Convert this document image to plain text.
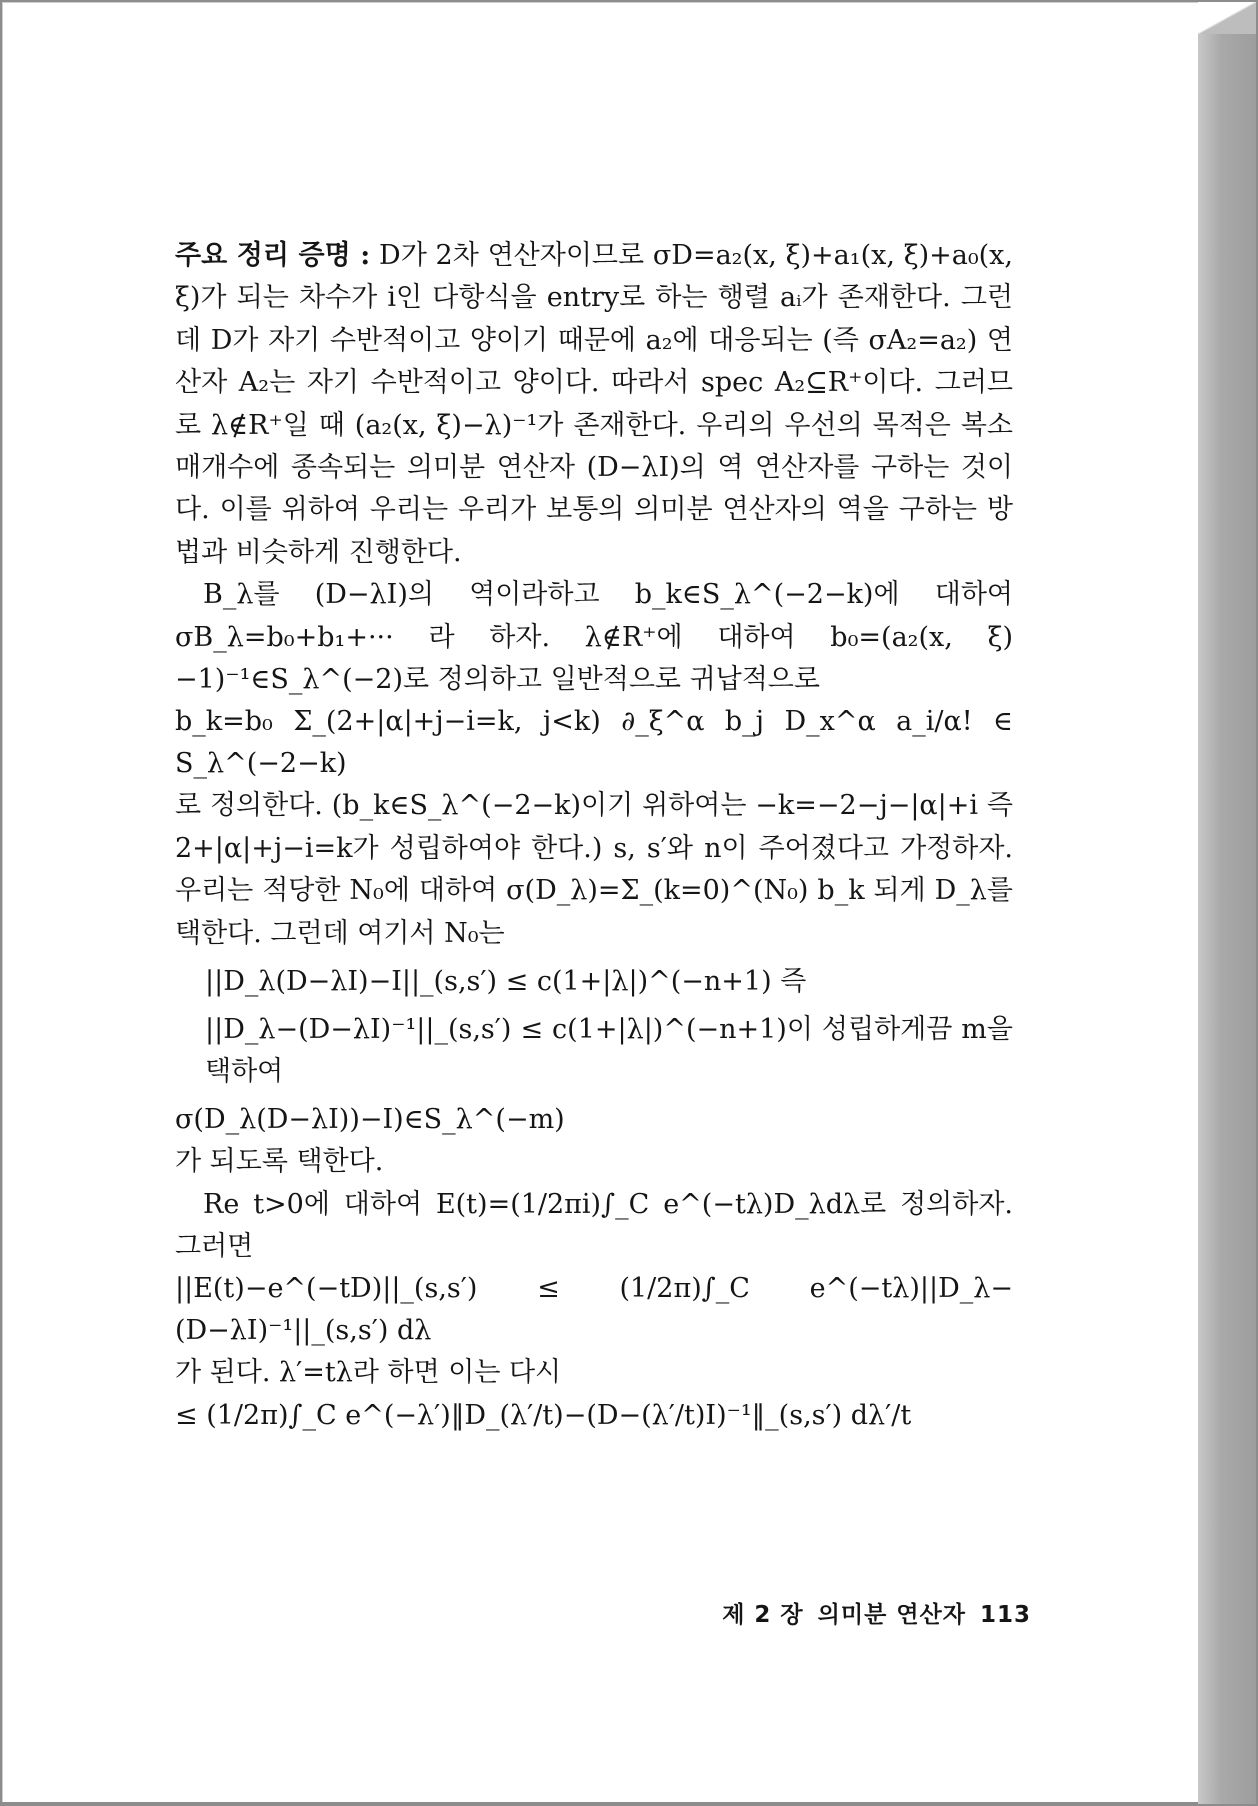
주요 정리 증명 : D가 2차 연산자이므로 σD=a₂(x, ξ)+a₁(x, ξ)+a₀(x, ξ)가 되는 차수가 i인 다항식을 entry로 하는 행렬 aᵢ가 존재한다. 그런데 D가 자기 수반적이고 양이기 때문에 a₂에 대응되는 (즉 σA₂=a₂) 연산자 A₂는 자기 수반적이고 양이다. 따라서 spec A₂⊆R⁺이다. 그러므로 λ∉R⁺일 때 (a₂(x, ξ)−λ)⁻¹가 존재한다. 우리의 우선의 목적은 복소매개수에 종속되는 의미분 연산자 (D−λI)의 역 연산자를 구하는 것이다. 이를 위하여 우리는 우리가 보통의 의미분 연산자의 역을 구하는 방법과 비슷하게 진행한다.

B_λ를 (D−λI)의 역이라하고 b_k∈S_λ^(−2−k)에 대하여 σB_λ=b₀+b₁+··· 라 하자. λ∉R⁺에 대하여 b₀=(a₂(x, ξ)−1)⁻¹∈S_λ^(−2)로 정의하고 일반적으로 귀납적으로

b_k=b₀ Σ_(2+|α|+j−i=k, j<k) ∂_ξ^α b_j D_x^α a_i/α! ∈ S_λ^(−2−k)

로 정의한다. (b_k∈S_λ^(−2−k)이기 위하여는 −k=−2−j−|α|+i 즉 2+|α|+j−i=k가 성립하여야 한다.) s, s′와 n이 주어졌다고 가정하자. 우리는 적당한 N₀에 대하여 σ(D_λ)=Σ_(k=0)^(N₀) b_k 되게 D_λ를 택한다. 그런데 여기서 N₀는

||D_λ(D−λI)−I||_(s,s′) ≤ c(1+|λ|)^(−n+1) 즉

||D_λ−(D−λI)⁻¹||_(s,s′) ≤ c(1+|λ|)^(−n+1)이 성립하게끔 m을 택하여

σ(D_λ(D−λI))−I)∈S_λ^(−m)

가 되도록 택한다.

Re t>0에 대하여 E(t)=(1/2πi)∫_C e^(−tλ)D_λdλ로 정의하자. 그러면

||E(t)−e^(−tD)||_(s,s′) ≤ (1/2π)∫_C e^(−tλ)||D_λ−(D−λI)⁻¹||_(s,s′) dλ

가 된다. λ′=tλ라 하면 이는 다시

≤ (1/2π)∫_C e^(−λ′)‖D_(λ′/t)−(D−(λ′/t)I)⁻¹‖_(s,s′) dλ′/t

제 2 장 의미분 연산자 113
